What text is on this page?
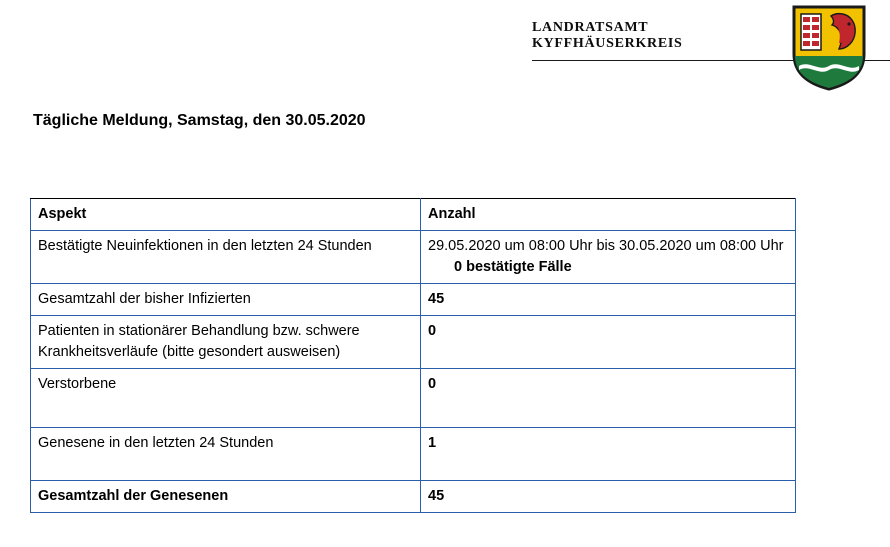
LANDRATSAMT
KYFFHÄUSERKREIS
Tägliche Meldung, Samstag, den 30.05.2020
Aspekt	Anzahl
Bestätigte Neuinfektionen in den letzten 24 Stunden	29.05.2020 um 08:00 Uhr bis 30.05.2020 um 08:00 Uhr
0 bestätigte Fälle
Gesamtzahl der bisher Infizierten	45
Patienten in stationärer Behandlung bzw. schwere Krankheitsverläufe (bitte gesondert ausweisen)	0
Verstorbene	0
Genesene in den letzten 24 Stunden	1
Gesamtzahl der Genesenen	45
